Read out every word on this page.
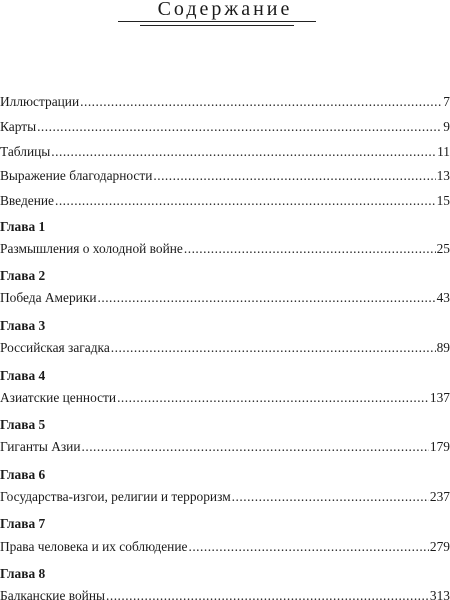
Содержание
Иллюстрации .....	7
Карты .....	9
Таблицы .....	11
Выражение благодарности .....	13
Введение .....	15
Глава 1
Размышления о холодной войне .....	25
Глава 2
Победа Америки .....	43
Глава 3
Российская загадка .....	89
Глава 4
Азиатские ценности .....	137
Глава 5
Гиганты Азии .....	179
Глава 6
Государства-изгои, религии и терроризм .....	237
Глава 7
Права человека и их соблюдение .....	279
Глава 8
Балканские войны .....	313
